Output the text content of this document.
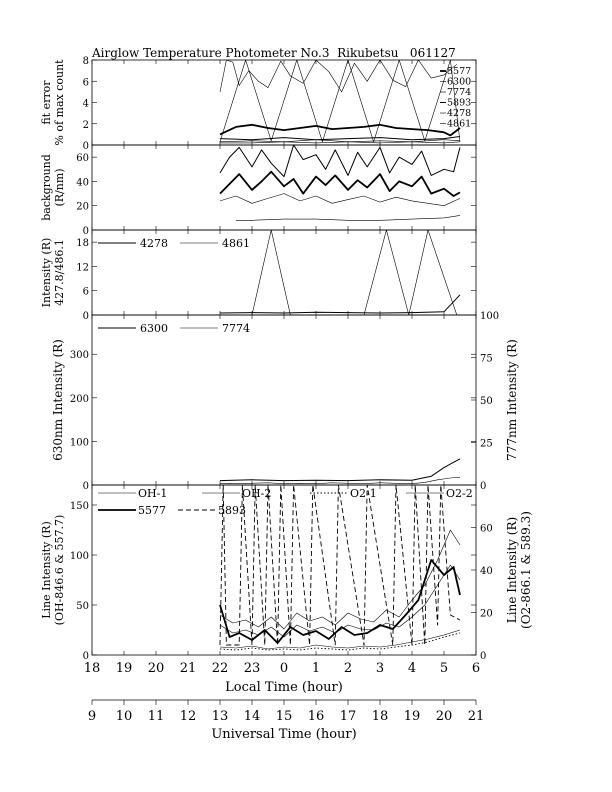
Airglow Temperature Photometer No.3  Rikubetsu   061127
0
2
4
6
8
fit error % of max count	5577
6300
7774
5893
4278
4861
0
20
40
60
background (R/nm)
0
6
12
18
Intensity (R) 427.8/486.1	4278	4861
0
100
200
300
0
25
50
75
100
630nm Intensity (R)	777nm Intensity (R)
6300	7774
0
50
100
150
0
20
40
60
Line Intensity (R) (OH-846.6 & 557.7)	Line Intensity (R) (O2-866.1 & 589.3)
OH-1	OH-2	O2-1	O2-2
5577	5893
18 19 20 21 22 23 0 1 2 3 4 5 6
Local Time (hour)
9 10 11 12 13 14 15 16 17 18 19 20 21
Universal Time (hour)
